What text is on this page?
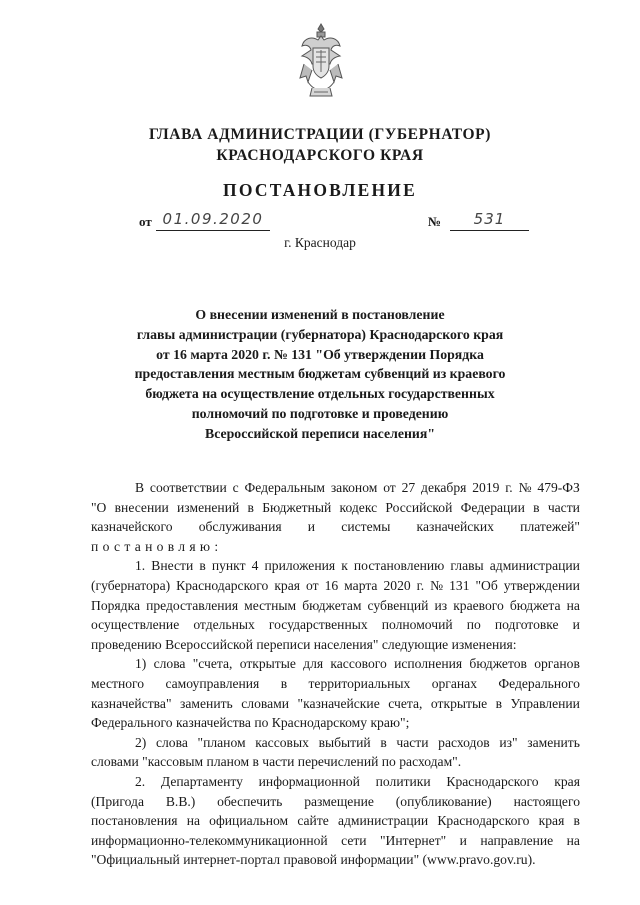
ГЛАВА АДМИНИСТРАЦИИ (ГУБЕРНАТОР)
КРАСНОДАРСКОГО КРАЯ
ПОСТАНОВЛЕНИЕ
от 01.09.2020	№	531
г. Краснодар
О внесении изменений в постановление
главы администрации (губернатора) Краснодарского края
от 16 марта 2020 г. № 131 "Об утверждении Порядка
предоставления местным бюджетам субвенций из краевого
бюджета на осуществление отдельных государственных
полномочий по подготовке и проведению
Всероссийской переписи населения"
В соответствии с Федеральным законом от 27 декабря 2019 г. № 479-ФЗ
"О внесении изменений в Бюджетный кодекс Российской Федерации в части
казначейского обслуживания и системы казначейских платежей"
постановляю:
1. Внести в пункт 4 приложения к постановлению главы администрации
(губернатора) Краснодарского края от 16 марта 2020 г. № 131 "Об утверждении
Порядка предоставления местным бюджетам субвенций из краевого бюджета на
осуществление отдельных государственных полномочий по подготовке и
проведению Всероссийской переписи населения" следующие изменения:
1) слова "счета, открытые для кассового исполнения бюджетов органов
местного самоуправления в территориальных органах Федерального
казначейства" заменить словами "казначейские счета, открытые в Управлении
Федерального казначейства по Краснодарскому краю";
2) слова "планом кассовых выбытий в части расходов из" заменить
словами "кассовым планом в части перечислений по расходам".
2. Департаменту информационной политики Краснодарского края
(Пригода В.В.) обеспечить размещение (опубликование) настоящего
постановления на официальном сайте администрации Краснодарского края в
информационно-телекоммуникационной сети "Интернет" и направление на
"Официальный интернет-портал правовой информации" (www.pravo.gov.ru).
